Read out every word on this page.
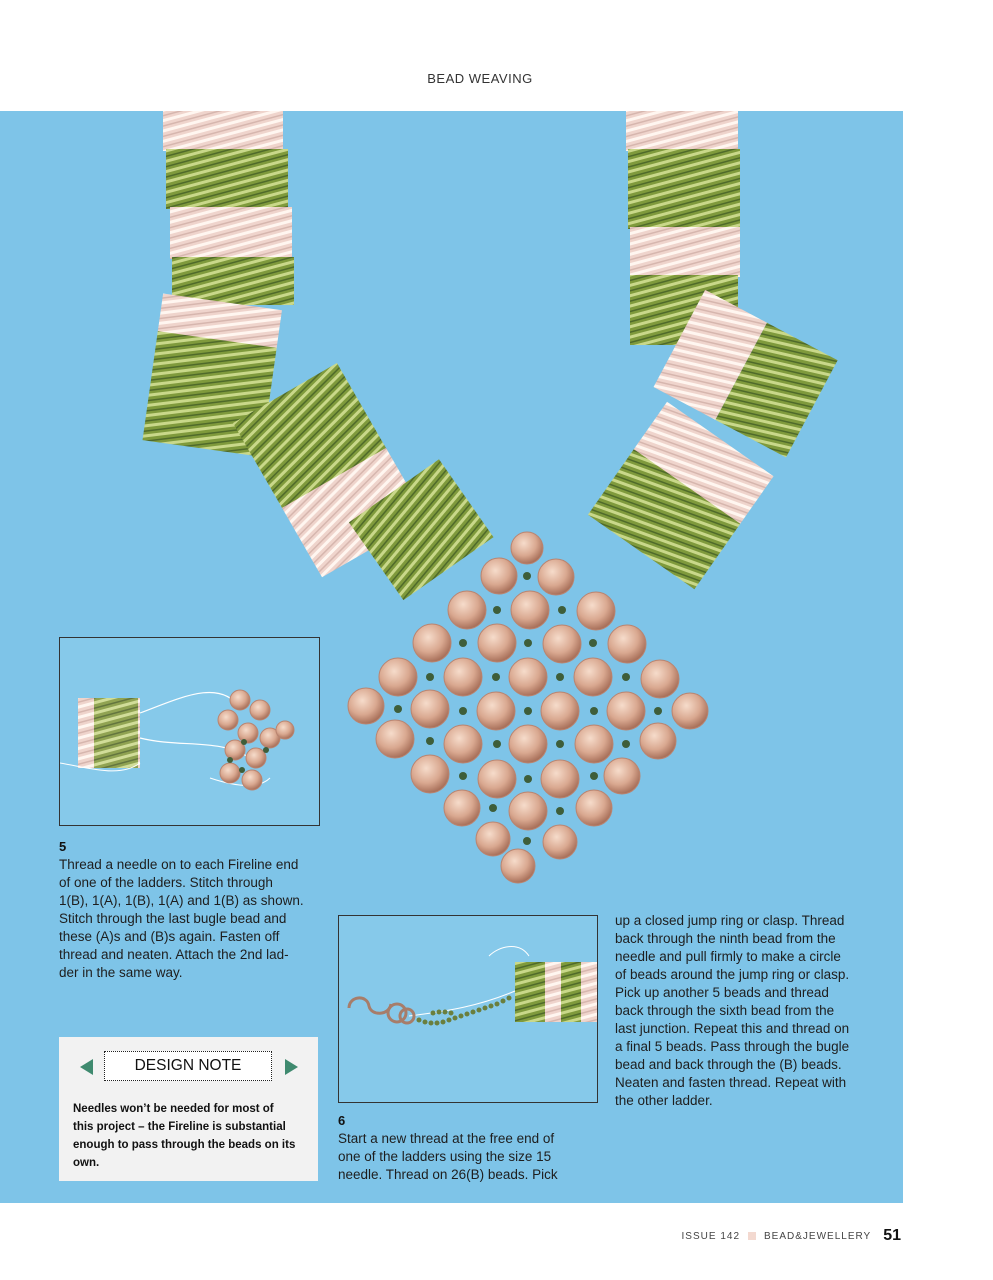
BEAD WEAVING
5
Thread a needle on to each Fireline end
of one of the ladders. Stitch through
1(B), 1(A), 1(B), 1(A) and 1(B) as shown.
Stitch through the last bugle bead and
these (A)s and (B)s again. Fasten off
thread and neaten. Attach the 2nd lad-
der in the same way.
DESIGN NOTE
Needles won’t be needed for most of
this project – the Fireline is substantial
enough to pass through the beads on its
own.
6
Start a new thread at the free end of
one of the ladders using the size 15
needle. Thread on 26(B) beads. Pick
up a closed jump ring or clasp. Thread
back through the ninth bead from the
needle and pull firmly to make a circle
of beads around the jump ring or clasp.
Pick up another 5 beads and thread
back through the sixth bead from the
last junction. Repeat this and thread on
a final 5 beads. Pass through the bugle
bead and back through the (B) beads.
Neaten and fasten thread. Repeat with
the other ladder.
ISSUE 142 BEAD&JEWELLERY 51
